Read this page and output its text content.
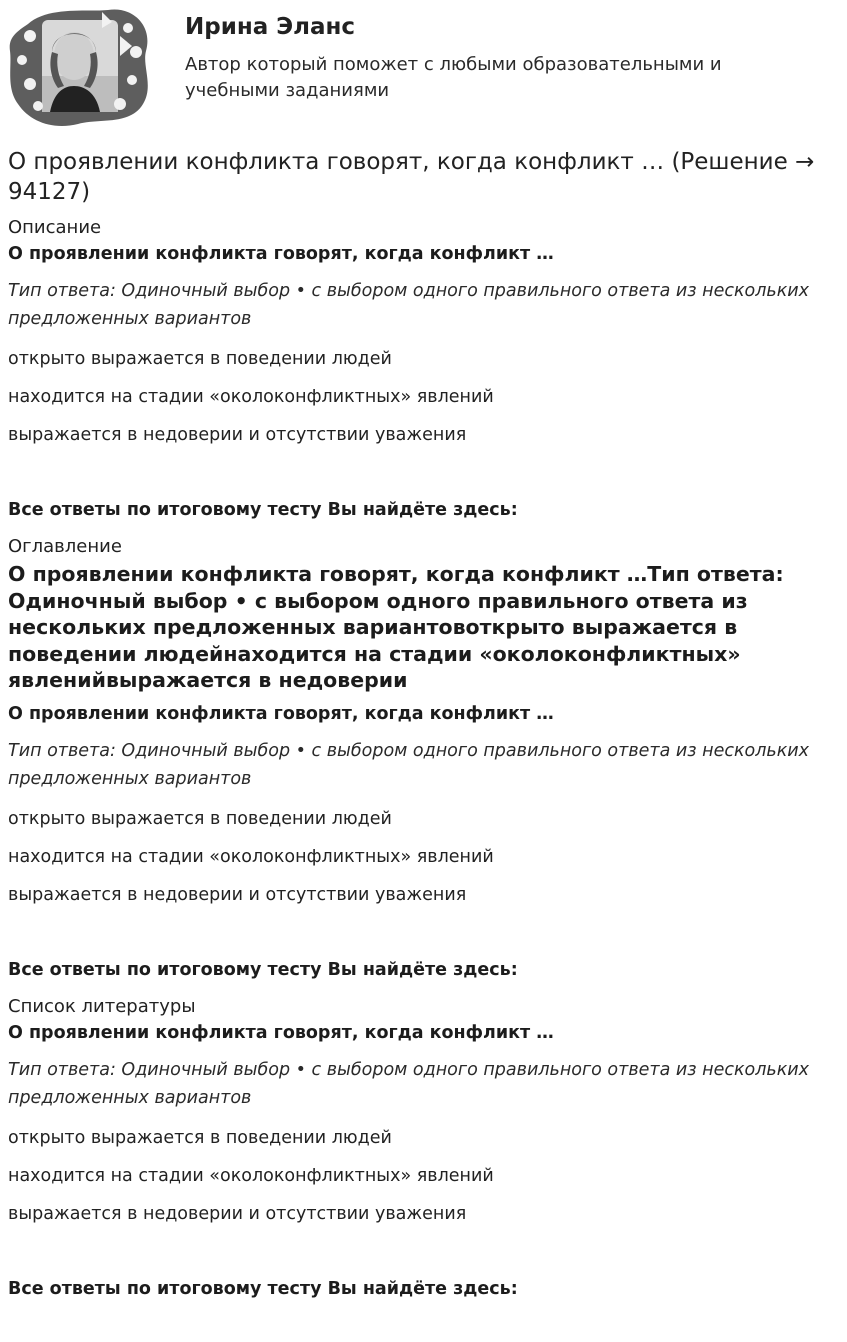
Ирина Эланс
Автор который поможет с любыми образовательными и учебными заданиями
О проявлении конфликта говорят, когда конфликт … (Решение → 94127)
Описание
О проявлении конфликта говорят, когда конфликт …
Тип ответа: Одиночный выбор • с выбором одного правильного ответа из нескольких предложенных вариантов
открыто выражается в поведении людей
находится на стадии «околоконфликтных» явлений
выражается в недоверии и отсутствии уважения
Все ответы по итоговому тесту Вы найдёте здесь:
Оглавление
О проявлении конфликта говорят, когда конфликт …Тип ответа: Одиночный выбор • с выбором одного правильного ответа из нескольких предложенных вариантовоткрыто выражается в поведении людейнаходится на стадии «околоконфликтных» явленийвыражается в недоверии
О проявлении конфликта говорят, когда конфликт …
Тип ответа: Одиночный выбор • с выбором одного правильного ответа из нескольких предложенных вариантов
открыто выражается в поведении людей
находится на стадии «околоконфликтных» явлений
выражается в недоверии и отсутствии уважения
Все ответы по итоговому тесту Вы найдёте здесь:
Список литературы
О проявлении конфликта говорят, когда конфликт …
Тип ответа: Одиночный выбор • с выбором одного правильного ответа из нескольких предложенных вариантов
открыто выражается в поведении людей
находится на стадии «околоконфликтных» явлений
выражается в недоверии и отсутствии уважения
Все ответы по итоговому тесту Вы найдёте здесь:
